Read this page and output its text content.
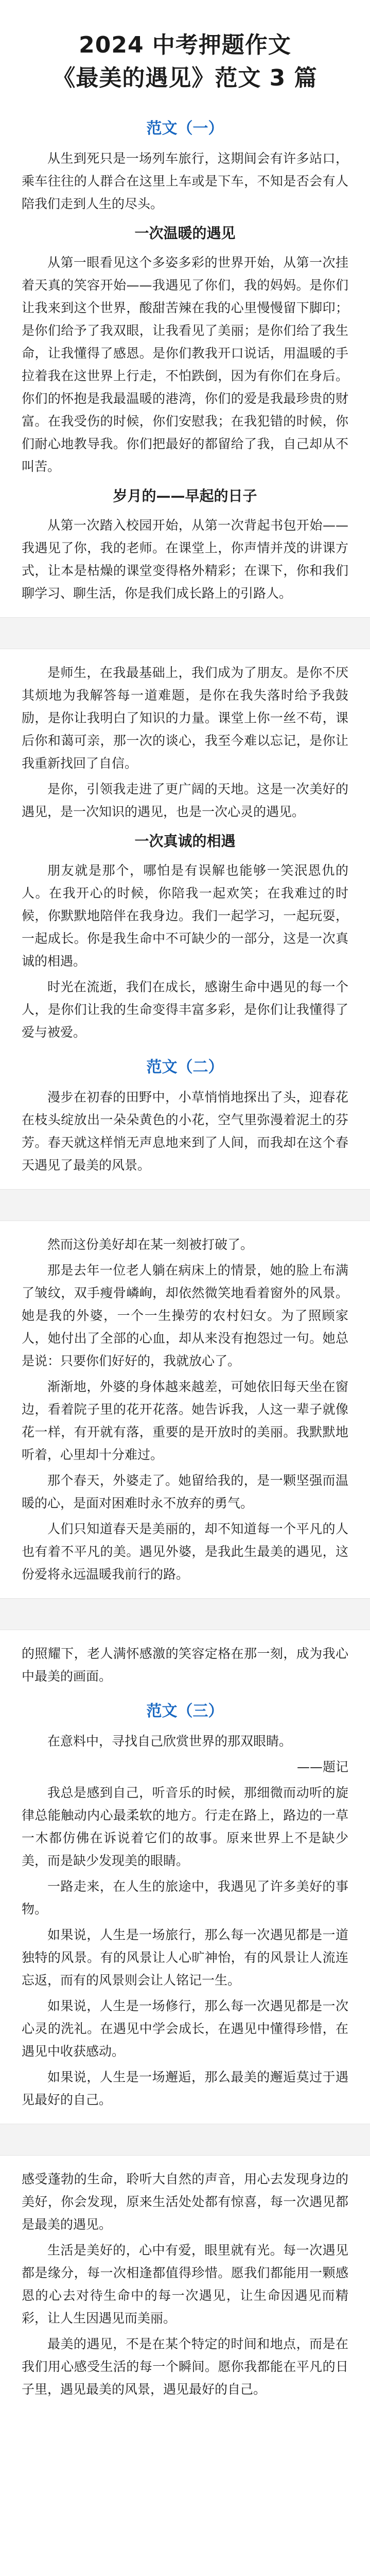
2024 中考押题作文
《最美的遇见》范文 3 篇
范文（一）

从生到死只是一场列车旅行，这期间会有许多站口，乘车往往的人群合在这里上车或是下车，不知是否会有人陪我们走到人生的尽头。

一次温暖的遇见

从第一眼看见这个多姿多彩的世界开始，从第一次挂着天真的笑容开始——我遇见了你们，我的妈妈。是你们让我来到这个世界，酸甜苦辣在我的心里慢慢留下脚印；是你们给予了我双眼，让我看见了美丽；是你们给了我生命，让我懂得了感恩。是你们教我开口说话，用温暖的手拉着我在这世界上行走，不怕跌倒，因为有你们在身后。你们的怀抱是我最温暖的港湾，你们的爱是我最珍贵的财富。在我受伤的时候，你们安慰我；在我犯错的时候，你们耐心地教导我。你们把最好的都留给了我，自己却从不叫苦。

岁月的——早起的日子

从第一次踏入校园开始，从第一次背起书包开始——我遇见了你，我的老师。在课堂上，你声情并茂的讲课方式，让本是枯燥的课堂变得格外精彩；在课下，你和我们聊学习、聊生活，你是我们成长路上的引路人。

是师生，在我最基础上，我们成为了朋友。是你不厌其烦地为我解答每一道难题，是你在我失落时给予我鼓励，是你让我明白了知识的力量。课堂上你一丝不苟，课后你和蔼可亲，那一次的谈心，我至今难以忘记，是你让我重新找回了自信。

是你，引领我走进了更广阔的天地。这是一次美好的遇见，是一次知识的遇见，也是一次心灵的遇见。

一次真诚的相遇

朋友就是那个，哪怕是有误解也能够一笑泯恩仇的人。在我开心的时候，你陪我一起欢笑；在我难过的时候，你默默地陪伴在我身边。我们一起学习，一起玩耍，一起成长。你是我生命中不可缺少的一部分，这是一次真诚的相遇。

时光在流逝，我们在成长，感谢生命中遇见的每一个人，是你们让我的生命变得丰富多彩，是你们让我懂得了爱与被爱。

范文（二）

漫步在初春的田野中，小草悄悄地探出了头，迎春花在枝头绽放出一朵朵黄色的小花，空气里弥漫着泥土的芬芳。春天就这样悄无声息地来到了人间，而我却在这个春天遇见了最美的风景。

然而这份美好却在某一刻被打破了。

那是去年一位老人躺在病床上的情景，她的脸上布满了皱纹，双手瘦骨嶙峋，却依然微笑地看着窗外的风景。她是我的外婆，一个一生操劳的农村妇女。为了照顾家人，她付出了全部的心血，却从来没有抱怨过一句。她总是说：只要你们好好的，我就放心了。

渐渐地，外婆的身体越来越差，可她依旧每天坐在窗边，看着院子里的花开花落。她告诉我，人这一辈子就像花一样，有开就有落，重要的是开放时的美丽。我默默地听着，心里却十分难过。

那个春天，外婆走了。她留给我的，是一颗坚强而温暖的心，是面对困难时永不放弃的勇气。

人们只知道春天是美丽的，却不知道每一个平凡的人也有着不平凡的美。遇见外婆，是我此生最美的遇见，这份爱将永远温暖我前行的路。

的照耀下，老人满怀感激的笑容定格在那一刻，成为我心中最美的画面。

范文（三）

在意料中，寻找自己欣赏世界的那双眼睛。

——题记

我总是感到自己，听音乐的时候，那细微而动听的旋律总能触动内心最柔软的地方。行走在路上，路边的一草一木都仿佛在诉说着它们的故事。原来世界上不是缺少美，而是缺少发现美的眼睛。

一路走来，在人生的旅途中，我遇见了许多美好的事物。

如果说，人生是一场旅行，那么每一次遇见都是一道独特的风景。有的风景让人心旷神怡，有的风景让人流连忘返，而有的风景则会让人铭记一生。

如果说，人生是一场修行，那么每一次遇见都是一次心灵的洗礼。在遇见中学会成长，在遇见中懂得珍惜，在遇见中收获感动。

如果说，人生是一场邂逅，那么最美的邂逅莫过于遇见最好的自己。

感受蓬勃的生命，聆听大自然的声音，用心去发现身边的美好，你会发现，原来生活处处都有惊喜，每一次遇见都是最美的遇见。

生活是美好的，心中有爱，眼里就有光。每一次遇见都是缘分，每一次相逢都值得珍惜。愿我们都能用一颗感恩的心去对待生命中的每一次遇见，让生命因遇见而精彩，让人生因遇见而美丽。

最美的遇见，不是在某个特定的时间和地点，而是在我们用心感受生活的每一个瞬间。愿你我都能在平凡的日子里，遇见最美的风景，遇见最好的自己。
